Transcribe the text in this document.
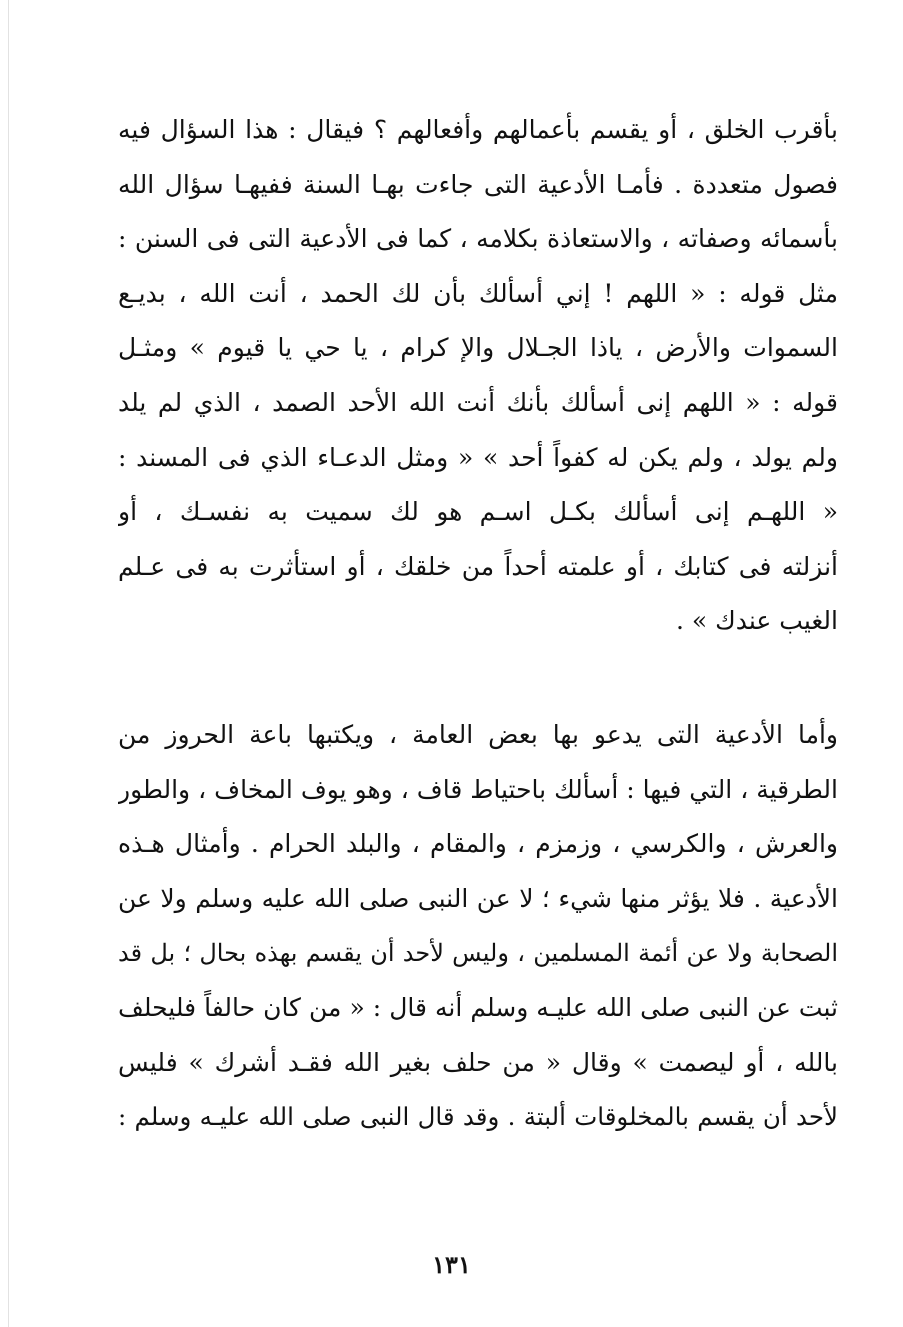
بأقرب الخلق ، أو يقسم بأعمالهم وأفعالهم ؟ فيقال : هذا السؤال فيه
فصول متعددة . فأمـا الأدعية التى جاءت بهـا السنة ففيهـا سؤال الله
بأسمائه وصفاته ، والاستعاذة بكلامه ، كما فى الأدعية التى فى السنن :
مثل قوله : « اللهم ! إني أسألك بأن لك الحمد ، أنت الله ، بديـع
السموات والأرض ، ياذا الجـلال والإ كرام ، يا حي يا قيوم » ومثـل
قوله : « اللهم إنى أسألك بأنك أنت الله الأحد الصمد ، الذي لم يلد
ولم يولد ، ولم يكن له كفواً أحد » « ومثل الدعـاء الذي فى المسند :
« اللهـم إنى أسألك بكـل اسـم هو لك سميت به نفسـك ، أو
أنزلته فى كتابك ، أو علمته أحداً من خلقك ، أو استأثرت به فى عـلم
الغيب عندك » .
وأما الأدعية التى يدعو بها بعض العامة ، ويكتبها باعة الحروز من
الطرقية ، التي فيها : أسألك باحتياط قاف ، وهو يوف المخاف ، والطور
والعرش ، والكرسي ، وزمزم ، والمقام ، والبلد الحرام . وأمثال هـذه
الأدعية . فلا يؤثر منها شيء ؛ لا عن النبى صلى الله عليه وسلم ولا عن
الصحابة ولا عن أئمة المسلمين ، وليس لأحد أن يقسم بهذه بحال ؛ بل قد
ثبت عن النبى صلى الله عليـه وسلم أنه قال : « من كان حالفاً فليحلف
بالله ، أو ليصمت » وقال « من حلف بغير الله فقـد أشرك » فليس
لأحد أن يقسم بالمخلوقات ألبتة . وقد قال النبى صلى الله عليـه وسلم :
١٣١
